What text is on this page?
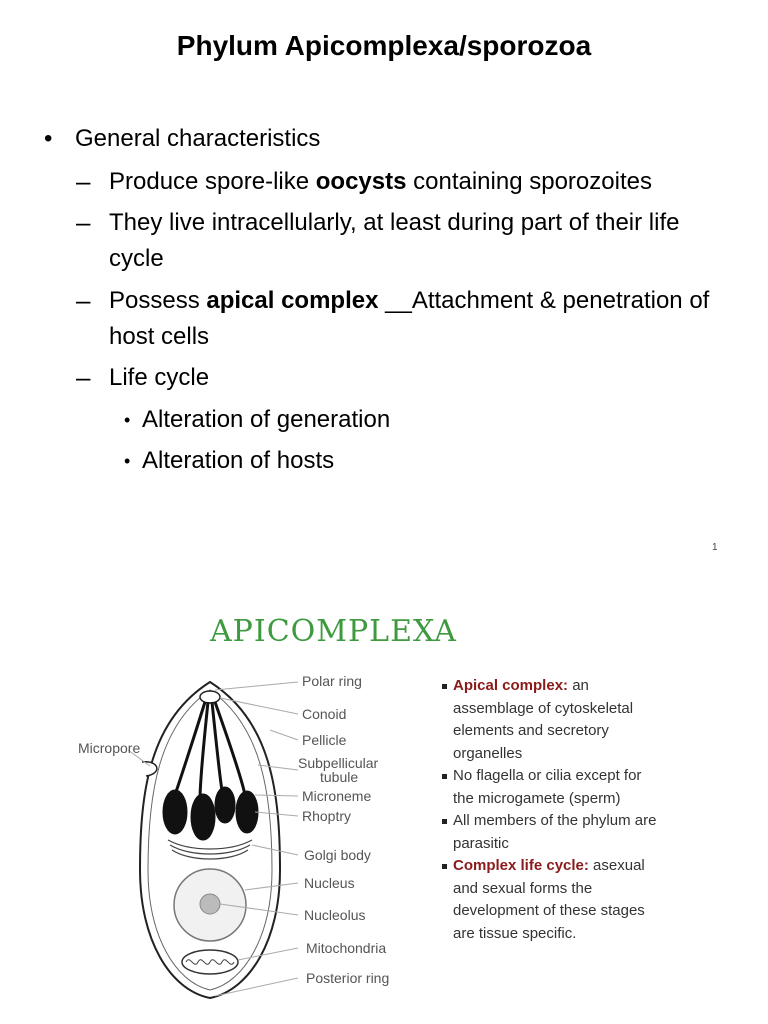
Phylum Apicomplexa/sporozoa
• General characteristics
– Produce spore-like oocysts containing sporozoites
– They live intracellularly, at least during part of their life cycle
– Possess apical complex __Attachment & penetration of host cells
– Life cycle
• Alteration of generation
• Alteration of hosts
1
APICOMPLEXA
Micropore
Polar ring
Conoid
Pellicle
Subpellicular
tubule
Microneme
Rhoptry
Golgi body
Nucleus
Nucleolus
Mitochondria
Posterior ring
Apical complex: an assemblage of cytoskeletal elements and secretory organelles
No flagella or cilia except for the microgamete (sperm)
All members of the phylum are parasitic
Complex life cycle: asexual and sexual forms the development of these stages are tissue specific.
